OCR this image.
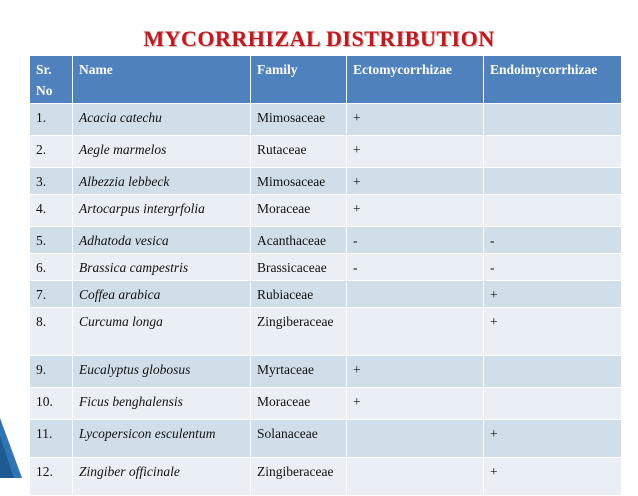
MYCORRHIZAL DISTRIBUTION
Sr. No	Name	Family	Ectomycorrhizae	Endoimycorrhizae
1.	Acacia catechu	Mimosaceae	+	
2.	Aegle marmelos	Rutaceae	+	
3.	Albezzia lebbeck	Mimosaceae	+	
4.	Artocarpus intergrfolia	Moraceae	+	
5.	Adhatoda vesica	Acanthaceae	-	-
6.	Brassica campestris	Brassicaceae	-	-
7.	Coffea arabica	Rubiaceae		+
8.	Curcuma longa	Zingiberaceae		+
9.	Eucalyptus globosus	Myrtaceae	+	
10.	Ficus benghalensis	Moraceae	+	
11.	Lycopersicon esculentum	Solanaceae		+
12.	Zingiber officinale	Zingiberaceae		+
